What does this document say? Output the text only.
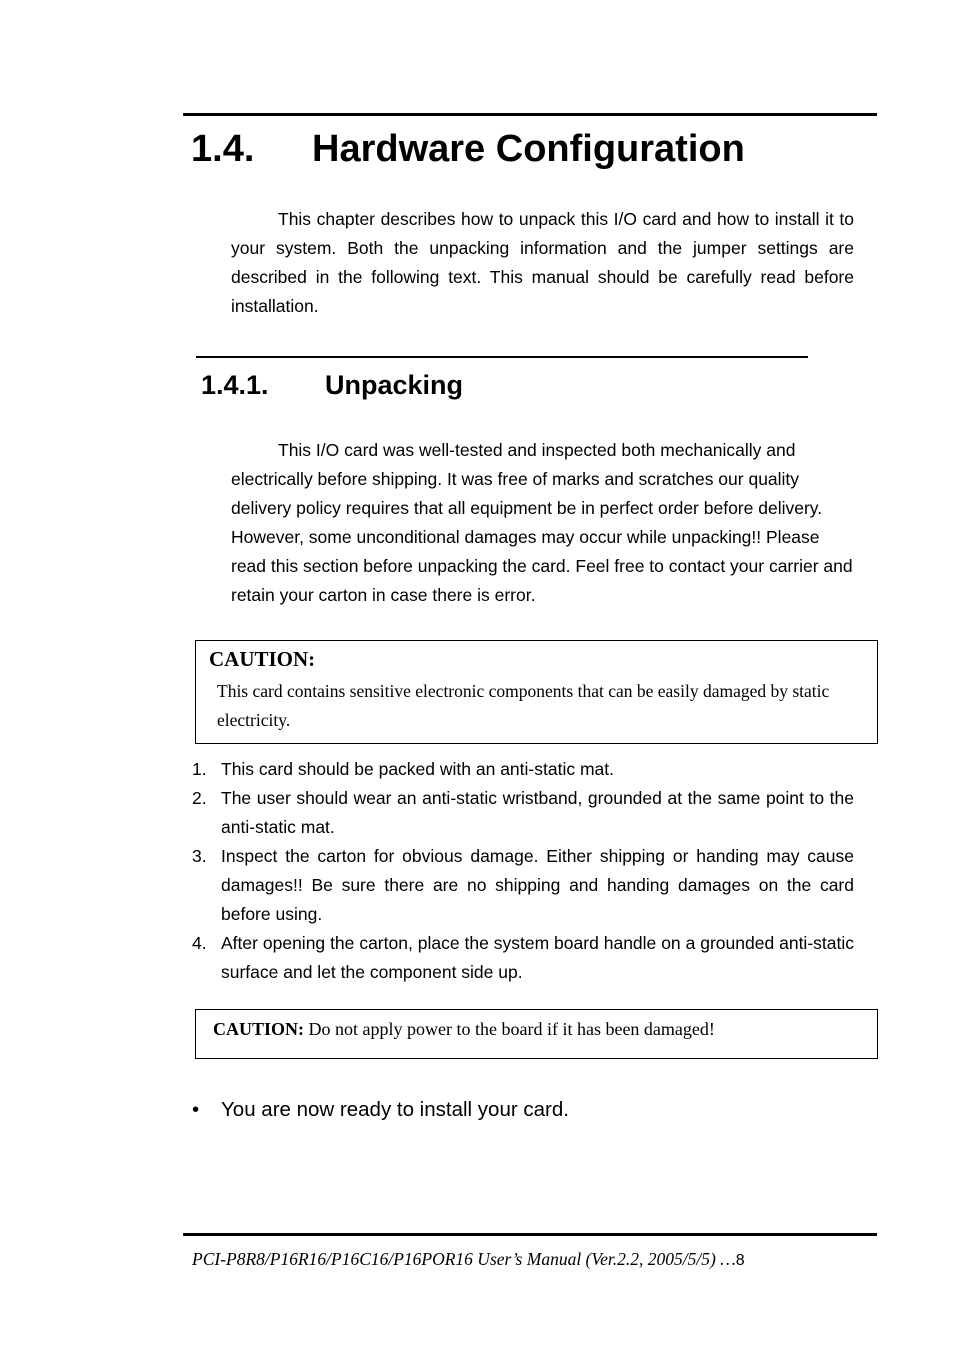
1.4. Hardware Configuration

This chapter describes how to unpack this I/O card and how to install it to your system. Both the unpacking information and the jumper settings are described in the following text. This manual should be carefully read before installation.

1.4.1. Unpacking

This I/O card was well-tested and inspected both mechanically and electrically before shipping. It was free of marks and scratches our quality delivery policy requires that all equipment be in perfect order before delivery. However, some unconditional damages may occur while unpacking!! Please read this section before unpacking the card. Feel free to contact your carrier and retain your carton in case there is error.

CAUTION:
This card contains sensitive electronic components that can be easily damaged by static electricity.
1. This card should be packed with an anti-static mat.
2. The user should wear an anti-static wristband, grounded at the same point to the anti-static mat.
3. Inspect the carton for obvious damage. Either shipping or handing may cause damages!! Be sure there are no shipping and handing damages on the card before using.
4. After opening the carton, place the system board handle on a grounded anti-static surface and let the component side up.
CAUTION: Do not apply power to the board if it has been damaged!
• You are now ready to install your card.
PCI-P8R8/P16R16/P16C16/P16POR16 User’s Manual (Ver.2.2, 2005/5/5) …8
